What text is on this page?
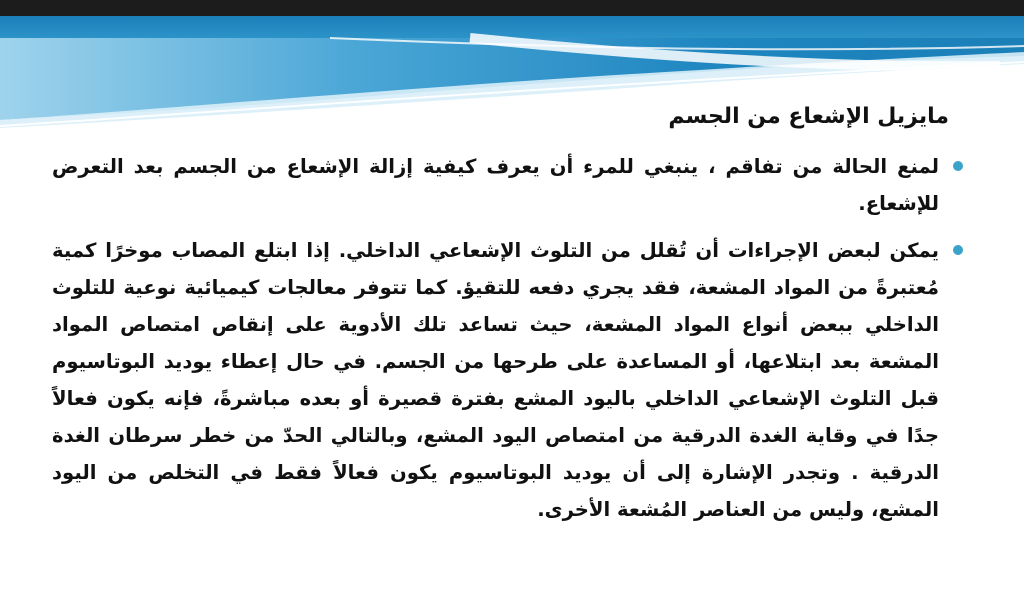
مايزيل الإشعاع من الجسم
لمنع الحالة من تفاقم ، ينبغي للمرء أن يعرف كيفية إزالة الإشعاع من الجسم بعد التعرض للإشعاع.
يمكن لبعض الإجراءات أن تُقلل من التلوث الإشعاعي الداخلي. إذا ابتلع المصاب موخرًا كمية مُعتبرةً من المواد المشعة، فقد يجري دفعه للتقيؤ. كما تتوفر معالجات كيميائية نوعية للتلوث الداخلي ببعض أنواع المواد المشعة، حيث تساعد تلك الأدوية على إنقاص امتصاص المواد المشعة بعد ابتلاعها، أو المساعدة على طرحها من الجسم. في حال إعطاء يوديد البوتاسيوم قبل التلوث الإشعاعي الداخلي باليود المشع بفترة قصيرة أو بعده مباشرةً، فإنه يكون فعالاً جدًا في وقاية الغدة الدرقية من امتصاص اليود المشع، وبالتالي الحدّ من خطر سرطان الغدة الدرقية . وتجدر الإشارة إلى أن يوديد البوتاسيوم يكون فعالاً فقط في التخلص من اليود المشع، وليس من العناصر المُشعة الأخرى.
